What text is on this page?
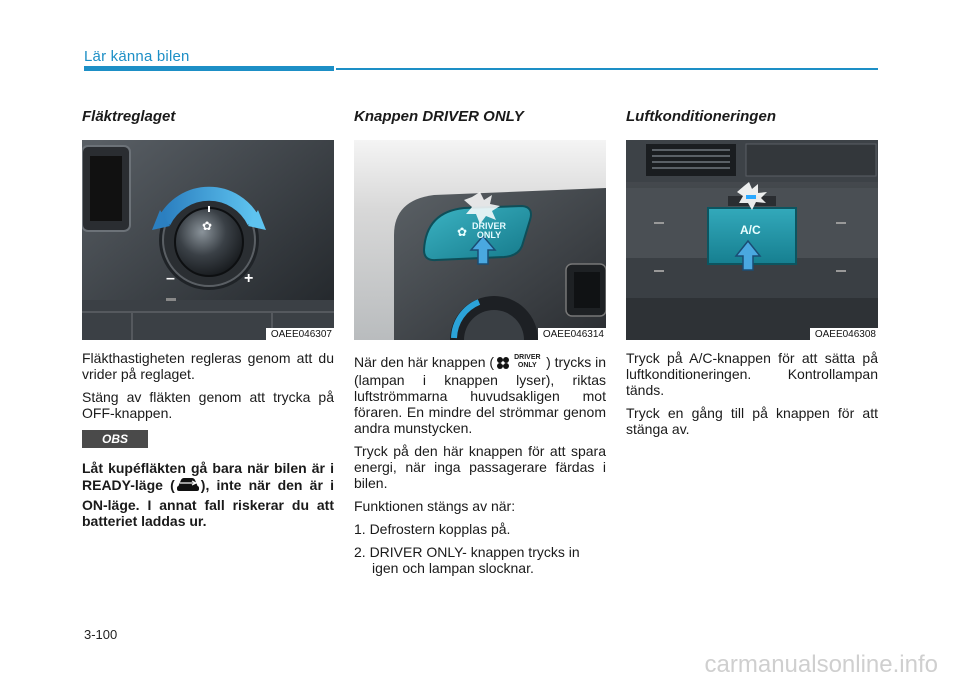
Lär känna bilen
Fläktreglaget
✿
–	+
OAEE046307

Fläkthastigheten regleras genom att du vrider på reglaget.

Stäng av fläkten genom att trycka på OFF-knappen.

OBS

Låt kupéfläkten gå bara när bilen är i READY-läge ( ), inte när den är i ON-läge. I annat fall riskerar du att batteriet laddas ur.

Knappen DRIVER ONLY
✿ DRIVER
ONLY
OAEE046314

När den här knappen (	DRIVER
ONLY ) trycks in (lampan i knappen lyser), riktas luftströmmarna huvudsakligen mot föraren. En mindre del strömmar genom andra munstycken.

Tryck på den här knappen för att spara energi, när inga passagerare färdas i bilen.

Funktionen stängs av när:

1. Defrostern kopplas på.
2. DRIVER ONLY- knappen trycks in igen och lampan slocknar.
Luftkonditioneringen
A/C
OAEE046308

Tryck på A/C-knappen för att sätta på luftkonditioneringen. Kontrollampan tänds.

Tryck en gång till på knappen för att stänga av.

3-100
carmanualsonline.info
